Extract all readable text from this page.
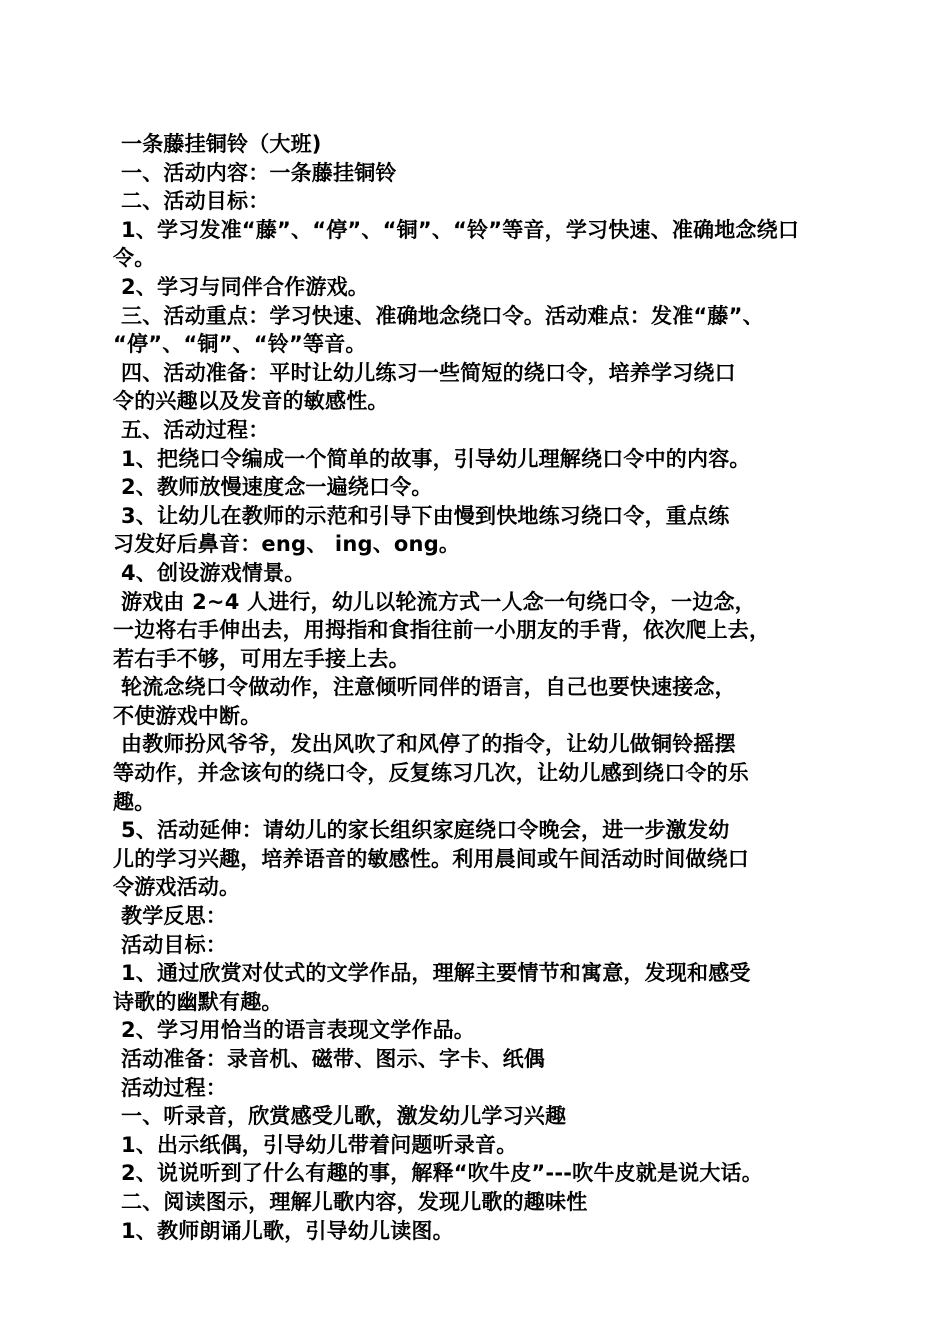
一条藤挂铜铃（大班)
一、活动内容：一条藤挂铜铃
二、活动目标：
1、学习发准“藤”、“停”、“铜”、“铃”等音，学习快速、准确地念绕口
令。
2、学习与同伴合作游戏。
三、活动重点：学习快速、准确地念绕口令。活动难点：发准“藤”、
“停”、“铜”、“铃”等音。
四、活动准备：平时让幼儿练习一些简短的绕口令，培养学习绕口
令的兴趣以及发音的敏感性。
五、活动过程：
1、把绕口令编成一个简单的故事，引导幼儿理解绕口令中的内容。
2、教师放慢速度念一遍绕口令。
3、让幼儿在教师的示范和引导下由慢到快地练习绕口令，重点练
习发好后鼻音：eng、 ing、ong。
4、创设游戏情景。
游戏由 2~4 人进行，幼儿以轮流方式一人念一句绕口令，一边念，
一边将右手伸出去，用拇指和食指往前一小朋友的手背，依次爬上去，
若右手不够，可用左手接上去。
轮流念绕口令做动作，注意倾听同伴的语言，自己也要快速接念，
不使游戏中断。
由教师扮风爷爷，发出风吹了和风停了的指令，让幼儿做铜铃摇摆
等动作，并念该句的绕口令，反复练习几次，让幼儿感到绕口令的乐
趣。
5、活动延伸：请幼儿的家长组织家庭绕口令晚会，进一步激发幼
儿的学习兴趣，培养语音的敏感性。利用晨间或午间活动时间做绕口
令游戏活动。
教学反思：
活动目标：
1、通过欣赏对仗式的文学作品，理解主要情节和寓意，发现和感受
诗歌的幽默有趣。
2、学习用恰当的语言表现文学作品。
活动准备：录音机、磁带、图示、字卡、纸偶
活动过程：
一、听录音，欣赏感受儿歌，激发幼儿学习兴趣
1、出示纸偶，引导幼儿带着问题听录音。
2、说说听到了什么有趣的事，解释“吹牛皮”---吹牛皮就是说大话。
二、阅读图示，理解儿歌内容，发现儿歌的趣味性
1、教师朗诵儿歌，引导幼儿读图。
